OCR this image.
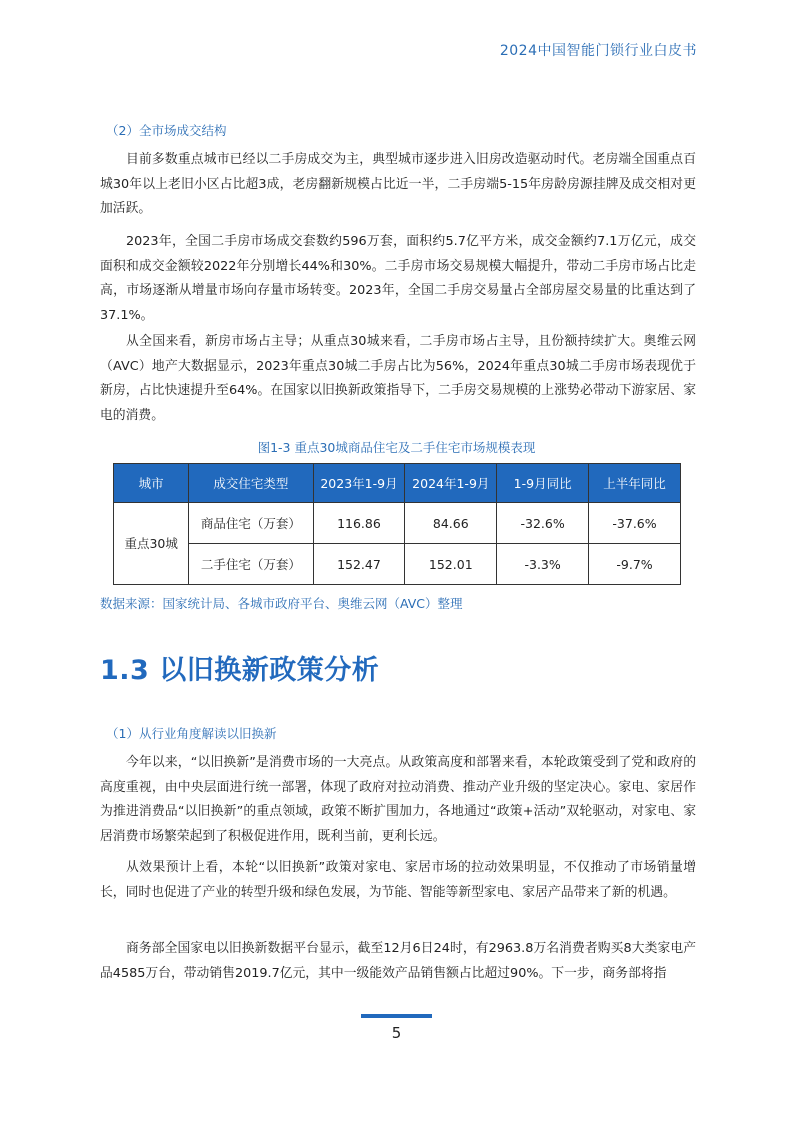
2024中国智能门锁行业白皮书
（2）全市场成交结构

目前多数重点城市已经以二手房成交为主，典型城市逐步进入旧房改造驱动时代。老房端全国重点百城30年以上老旧小区占比超3成，老房翻新规模占比近一半，二手房端5-15年房龄房源挂牌及成交相对更加活跃。

2023年，全国二手房市场成交套数约596万套，面积约5.7亿平方米，成交金额约7.1万亿元，成交面积和成交金额较2022年分别增长44%和30%。二手房市场交易规模大幅提升，带动二手房市场占比走高，市场逐渐从增量市场向存量市场转变。2023年，全国二手房交易量占全部房屋交易量的比重达到了37.1%。

从全国来看，新房市场占主导；从重点30城来看，二手房市场占主导，且份额持续扩大。奥维云网（AVC）地产大数据显示，2023年重点30城二手房占比为56%，2024年重点30城二手房市场表现优于新房，占比快速提升至64%。在国家以旧换新政策指导下，二手房交易规模的上涨势必带动下游家居、家电的消费。

图1-3 重点30城商品住宅及二手住宅市场规模表现
城市	成交住宅类型	2023年1-9月	2024年1-9月	1-9月同比	上半年同比
重点30城	商品住宅（万套）	116.86	84.66	-32.6%	-37.6%
	二手住宅（万套）	152.47	152.01	-3.3%	-9.7%
数据来源：国家统计局、各城市政府平台、奥维云网（AVC）整理
1.3 以旧换新政策分析
（1）从行业角度解读以旧换新

今年以来，“以旧换新”是消费市场的一大亮点。从政策高度和部署来看，本轮政策受到了党和政府的高度重视，由中央层面进行统一部署，体现了政府对拉动消费、推动产业升级的坚定决心。家电、家居作为推进消费品“以旧换新”的重点领域，政策不断扩围加力，各地通过“政策+活动”双轮驱动，对家电、家居消费市场繁荣起到了积极促进作用，既利当前，更利长远。

从效果预计上看，本轮“以旧换新”政策对家电、家居市场的拉动效果明显，不仅推动了市场销量增长，同时也促进了产业的转型升级和绿色发展，为节能、智能等新型家电、家居产品带来了新的机遇。

商务部全国家电以旧换新数据平台显示，截至12月6日24时，有2963.8万名消费者购买8大类家电产品4585万台，带动销售2019.7亿元，其中一级能效产品销售额占比超过90%。下一步，商务部将指

5
